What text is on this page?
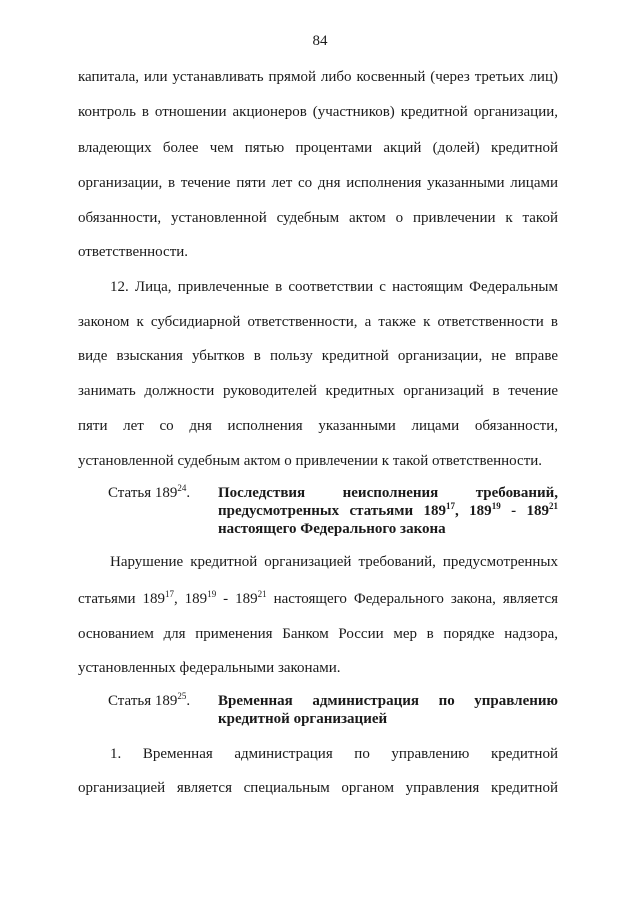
84
капитала, или устанавливать прямой либо косвенный (через третьих лиц)
контроль в отношении акционеров (участников) кредитной организации,
владеющих более чем пятью процентами акций (долей) кредитной
организации, в течение пяти лет со дня исполнения указанными лицами
обязанности, установленной судебным актом о привлечении к такой
ответственности.
12. Лица, привлеченные в соответствии с настоящим Федеральным
законом к субсидиарной ответственности, а также к ответственности в
виде взыскания убытков в пользу кредитной организации, не вправе
занимать должности руководителей кредитных организаций в течение
пяти лет со дня исполнения указанными лицами обязанности,
установленной судебным актом о привлечении к такой ответственности.
Статья $189^{24}$. Последствия неисполнения требований,
предусмотренных статьями $189^{17}$, $189^{19} - 189^{21}$
настоящего Федерального закона
Нарушение кредитной организацией требований, предусмотренных
статьями $189^{17}$, $189^{19} - 189^{21}$ настоящего Федерального закона, является
основанием для применения Банком России мер в порядке надзора,
установленных федеральными законами.
Статья $189^{25}$. Временная администрация по управлению
кредитной организацией
1. Временная администрация по управлению кредитной
организацией является специальным органом управления кредитной
